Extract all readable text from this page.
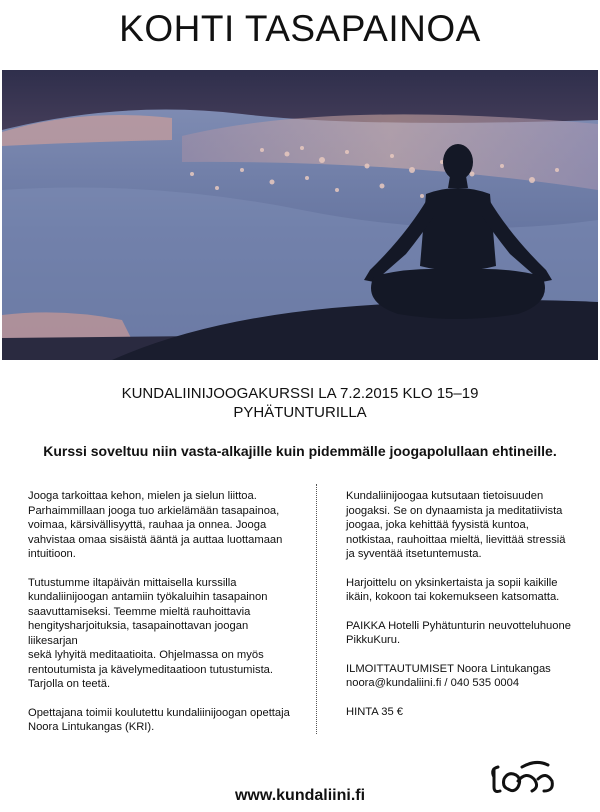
KOHTI TASAPAINOA
KUNDALIINIJOOGAKURSSI LA 7.2.2015 KLO 15–19
PYHÄTUNTURILLA
Kurssi soveltuu niin vasta-alkajille kuin pidemmälle joogapolullaan ehtineille.

Jooga tarkoittaa kehon, mielen ja sielun liittoa.
Parhaimmillaan jooga tuo arkielämään tasapainoa,
voimaa, kärsivällisyyttä, rauhaa ja onnea. Jooga
vahvistaa omaa sisäistä ääntä ja auttaa luottamaan
intuitioon.

Tutustumme iltapäivän mittaisella kurssilla
kundaliinijoogan antamiin työkaluihin tasapainon
saavuttamiseksi. Teemme mieltä rauhoittavia
hengitysharjoituksia, tasapainottavan joogan liikesarjan
sekä lyhyitä meditaatioita. Ohjelmassa on myös
rentoutumista ja kävelymeditaatioon tutustumista.
Tarjolla on teetä.

Opettajana toimii koulutettu kundaliinijoogan opettaja
Noora Lintukangas (KRI).

Kundaliinijoogaa kutsutaan tietoisuuden
joogaksi. Se on dynaamista ja meditatiivista
joogaa, joka kehittää fyysistä kuntoa,
notkistaa, rauhoittaa mieltä, lievittää stressiä
ja syventää itsetuntemusta.

Harjoittelu on yksinkertaista ja sopii kaikille
ikäin, kokoon tai kokemukseen katsomatta.

PAIKKA Hotelli Pyhätunturin neuvotteluhuone
PikkuKuru.

ILMOITTAUTUMISET Noora Lintukangas
noora@kundaliini.fi / 040 535 0004

HINTA 35 €

www.kundaliini.fi
